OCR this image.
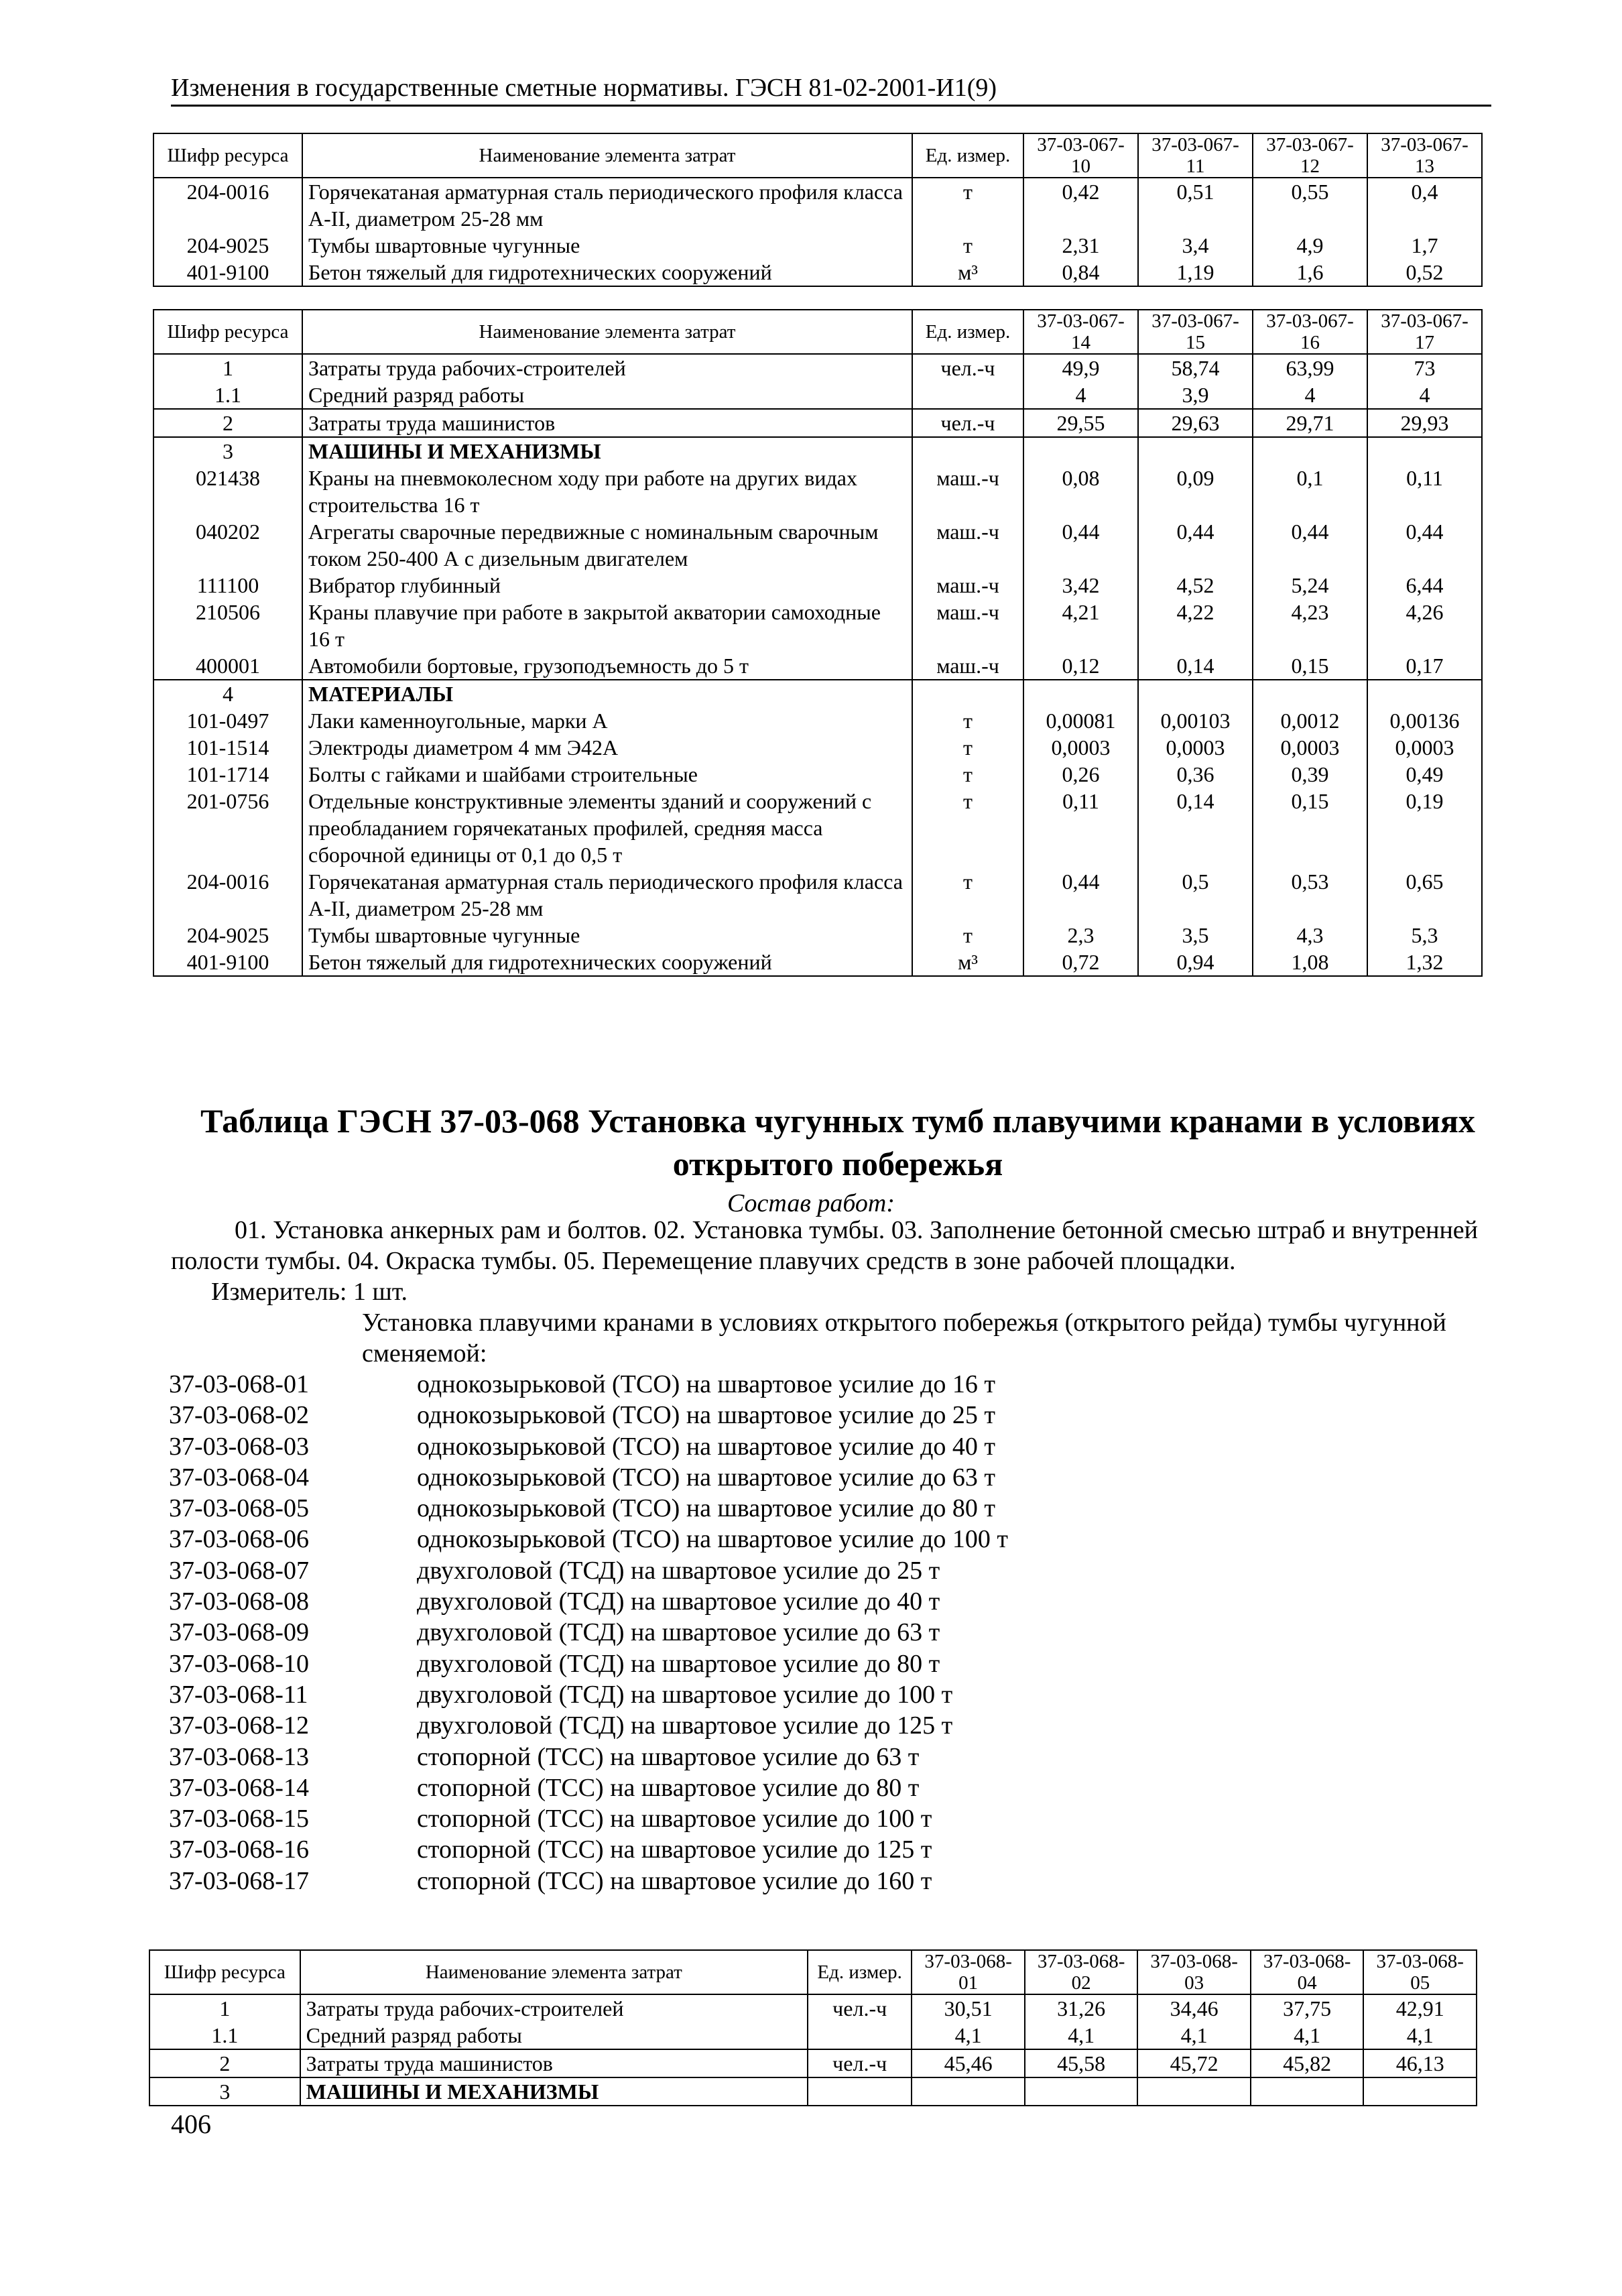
Изменения в государственные сметные нормативы. ГЭСН 81-02-2001-И1(9)
Шифр ресурса	Наименование элемента затрат	Ед. измер.	37-03-067-10	37-03-067-11	37-03-067-12	37-03-067-13
204-0016	Горячекатаная арматурная сталь периодического профиля класса А-II, диаметром 25-28 мм	т	0,42	0,51	0,55	0,4
204-9025	Тумбы швартовные чугунные	т	2,31	3,4	4,9	1,7
401-9100	Бетон тяжелый для гидротехнических сооружений	м³	0,84	1,19	1,6	0,52
Шифр ресурса	Наименование элемента затрат	Ед. измер.	37-03-067-14	37-03-067-15	37-03-067-16	37-03-067-17
1	Затраты труда рабочих-строителей	чел.-ч	49,9	58,74	63,99	73
1.1	Средний разряд работы		4	3,9	4	4
2	Затраты труда машинистов	чел.-ч	29,55	29,63	29,71	29,93
3	МАШИНЫ И МЕХАНИЗМЫ					
021438	Краны на пневмоколесном ходу при работе на других видах строительства 16 т	маш.-ч	0,08	0,09	0,1	0,11
040202	Агрегаты сварочные передвижные с номинальным сварочным током 250-400 А с дизельным двигателем	маш.-ч	0,44	0,44	0,44	0,44
111100	Вибратор глубинный	маш.-ч	3,42	4,52	5,24	6,44
210506	Краны плавучие при работе в закрытой акватории самоходные 16 т	маш.-ч	4,21	4,22	4,23	4,26
400001	Автомобили бортовые, грузоподъемность до 5 т	маш.-ч	0,12	0,14	0,15	0,17
4	МАТЕРИАЛЫ					
101-0497	Лаки каменноугольные, марки А	т	0,00081	0,00103	0,0012	0,00136
101-1514	Электроды диаметром 4 мм Э42А	т	0,0003	0,0003	0,0003	0,0003
101-1714	Болты с гайками и шайбами строительные	т	0,26	0,36	0,39	0,49
201-0756	Отдельные конструктивные элементы зданий и сооружений с преобладанием горячекатаных профилей, средняя масса сборочной единицы от 0,1 до 0,5 т	т	0,11	0,14	0,15	0,19
204-0016	Горячекатаная арматурная сталь периодического профиля класса А-II, диаметром 25-28 мм	т	0,44	0,5	0,53	0,65
204-9025	Тумбы швартовные чугунные	т	2,3	3,5	4,3	5,3
401-9100	Бетон тяжелый для гидротехнических сооружений	м³	0,72	0,94	1,08	1,32
Таблица ГЭСН 37-03-068 Установка чугунных тумб плавучими кранами в условиях открытого побережья
Состав работ:

01. Установка анкерных рам и болтов. 02. Установка тумбы. 03. Заполнение бетонной смесью штраб и внутренней полости тумбы. 04. Окраска тумбы. 05. Перемещение плавучих средств в зоне рабочей площадки.

Измеритель: 1 шт.

Установка плавучими кранами в условиях открытого побережья (открытого рейда) тумбы чугунной сменяемой:
37-03-068-01	однокозырьковой (ТСО) на швартовое усилие до 16 т
37-03-068-02	однокозырьковой (ТСО) на швартовое усилие до 25 т
37-03-068-03	однокозырьковой (ТСО) на швартовое усилие до 40 т
37-03-068-04	однокозырьковой (ТСО) на швартовое усилие до 63 т
37-03-068-05	однокозырьковой (ТСО) на швартовое усилие до 80 т
37-03-068-06	однокозырьковой (ТСО) на швартовое усилие до 100 т
37-03-068-07	двухголовой (ТСД) на швартовое усилие до 25 т
37-03-068-08	двухголовой (ТСД) на швартовое усилие до 40 т
37-03-068-09	двухголовой (ТСД) на швартовое усилие до 63 т
37-03-068-10	двухголовой (ТСД) на швартовое усилие до 80 т
37-03-068-11	двухголовой (ТСД) на швартовое усилие до 100 т
37-03-068-12	двухголовой (ТСД) на швартовое усилие до 125 т
37-03-068-13	стопорной (ТСС) на швартовое усилие до 63 т
37-03-068-14	стопорной (ТСС) на швартовое усилие до 80 т
37-03-068-15	стопорной (ТСС) на швартовое усилие до 100 т
37-03-068-16	стопорной (ТСС) на швартовое усилие до 125 т
37-03-068-17	стопорной (ТСС) на швартовое усилие до 160 т
Шифр ресурса	Наименование элемента затрат	Ед. измер.	37-03-068-01	37-03-068-02	37-03-068-03	37-03-068-04	37-03-068-05
1	Затраты труда рабочих-строителей	чел.-ч	30,51	31,26	34,46	37,75	42,91
1.1	Средний разряд работы		4,1	4,1	4,1	4,1	4,1
2	Затраты труда машинистов	чел.-ч	45,46	45,58	45,72	45,82	46,13
3	МАШИНЫ И МЕХАНИЗМЫ						
406
